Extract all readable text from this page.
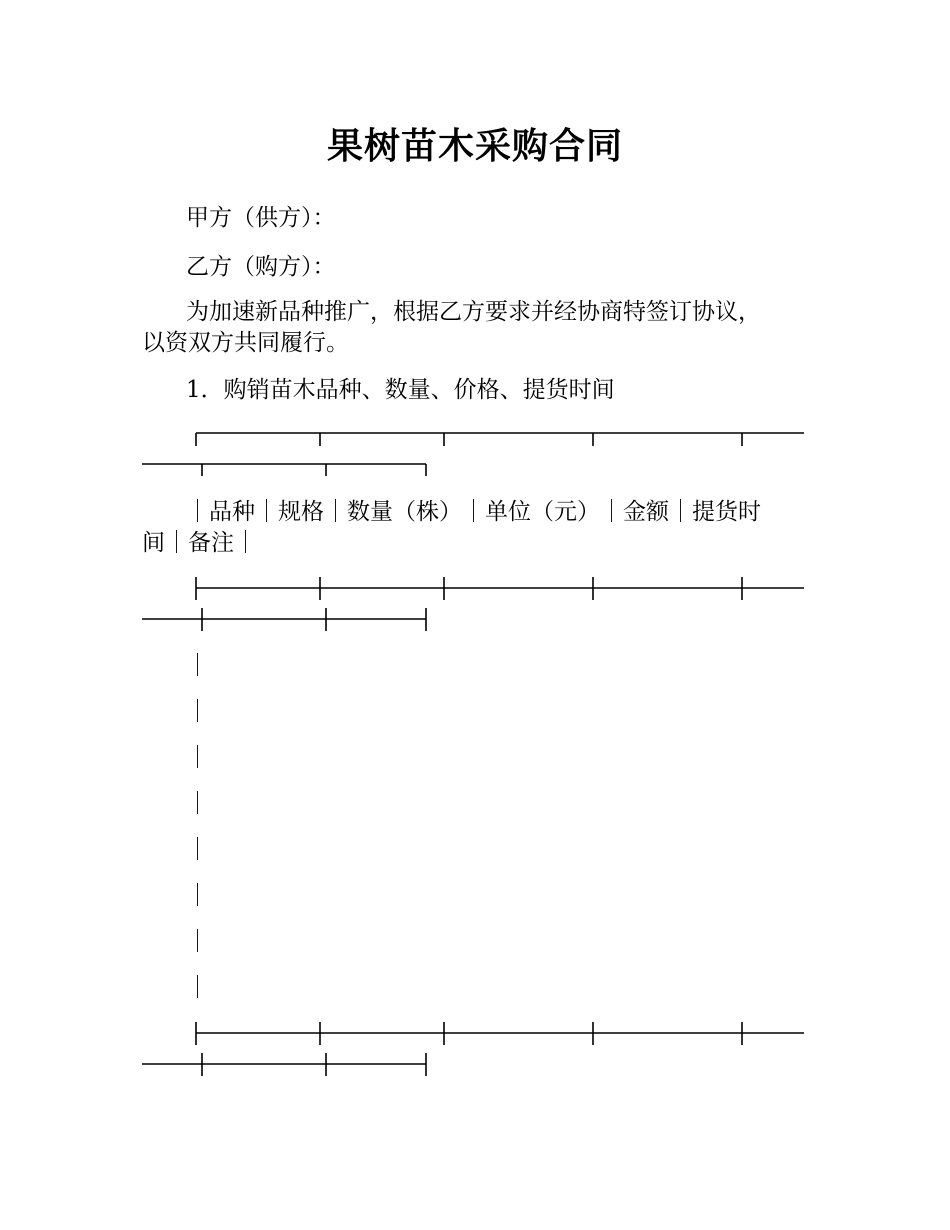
果树苗木采购合同
甲方（供方）：
乙方（购方）：
为加速新品种推广，根据乙方要求并经协商特签订协议，
以资双方共同履行。
1．购销苗木品种、数量、价格、提货时间
｜品种｜规格｜数量（株）｜单位（元）｜金额｜提货时
间｜备注｜
｜
｜
｜
｜
｜
｜
｜
｜
